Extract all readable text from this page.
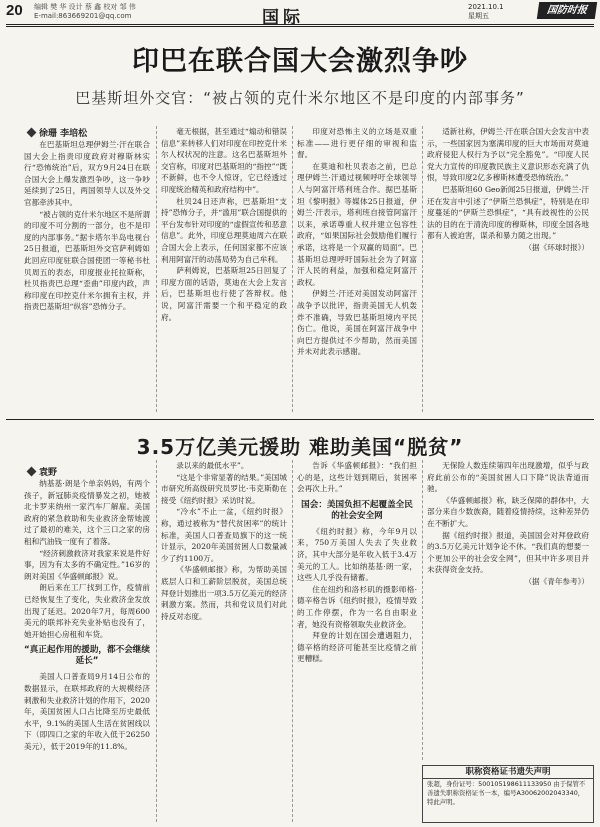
20 编辑 樊 华 设计 蔡 鑫 校对 邹 伟
E-mail:863669201@qq.com	国际
2021.10.1
星期五	国防时报
印巴在联合国大会激烈争吵
巴基斯坦外交官：“被占领的克什米尔地区不是印度的内部事务”
徐珊 李培松

在巴基斯坦总理伊姆兰·汗在联合国大会上指责印度政府对穆斯林实行“恐怖统治”后，双方9月24日在联合国大会上爆发激烈争吵，这一争吵延续到了25日，两国领导人以及外交官都牵涉其中。

“被占领的克什米尔地区不是所谓的印度不可分割的一部分，也不是印度的内部事务。”据卡塔尔半岛电视台25日报道，巴基斯坦外交官萨利姆如此回应印度驻联合国使团一等秘书杜贝周五的表态，印度报业托拉斯称，杜贝指责巴总理“歪曲”印度内政，声称印度在印控克什米尔拥有主权，并指责巴基斯坦“纵容”恐怖分子。

毫无根据，甚至通过“煽动和错误信息”来转移人们对印度在印控克什米尔人权状况的注意。这名巴基斯坦外交官称，印度对巴基斯坦的“指控”“既不新鲜，也不令人惊讶，它已经透过印度统治精英和政府结构中”。

杜贝24日还声称，巴基斯坦“支持”恐怖分子，并“滥用”联合国提供的平台发布针对印度的“虚假宣传和恶意信息”。此外，印度总理莫迪周六在联合国大会上表示，任何国家都不应该利用阿富汗的动荡局势为自己牟利。

萨利姆说，巴基斯坦25日回复了印度方面的话语，莫迪在大会上发言后，巴基斯坦也行使了答辩权。他说，阿富汗需要一个和平稳定的政府。

印度对恐怖主义的立场是双重标准——进行更仔细的审视和监督。

在莫迪和杜贝表态之前，巴总理伊姆兰·汗通过视频呼吁全球领导人与阿富汗塔利班合作。据巴基斯坦《黎明报》等媒体25日报道，伊姆兰·汗表示，塔利班自接管阿富汗以来，承诺尊重人权并建立包容性政府，“如果国际社会鼓励他们履行承诺，这将是一个双赢的局面”。巴基斯坦总理呼吁国际社会为了阿富汗人民的利益，加强和稳定阿富汗政权。

伊姆兰·汗还对美国发动阿富汗战争予以批评，指责美国无人机轰炸不准确，导致巴基斯坦境内平民伤亡。他说，美国在阿富汗战争中向巴方提供过不少帮助，然而美国并未对此表示感谢。

适新社称，伊姆兰·汗在联合国大会发言中表示，一些国家因为塞满印度的巨大市场而对莫迪政府侵犯人权行为予以“完全豁免”。“印度人民党大力宣传的印度教民族主义意识形态充满了仇恨，导致印度2亿多穆斯林遭受恐怖统治。”

巴基斯坦60 Geo新闻25日报道，伊姆兰·汗还在发言中引述了“伊斯兰恐惧症”，特别是在印度蔓延的“伊斯兰恐惧症”，“具有歧视性的公民法的目的在于清洗印度的穆斯林，印度全国各地都有人被迫害，谋杀和暴力随之出现。”

（据《环球时报》）

3.5万亿美元援助 难助美国“脱贫”
袁野

纳基基·朗是个单亲妈妈，有两个孩子，新冠肺炎疫情暴发之初，她被北卡罗来纳州一家汽车厂解雇。美国政府的紧急救助和失业救济金帮她渡过了最初的难关，这个三口之家的房租和汽油钱一度有了着落。

“经济刺激救济对我家来说是件好事，因为有太多的不确定性。”16岁的朗对美国《华盛顿邮报》说。

朗后来在工厂找到工作，疫情前已经恢复生了变化，失业救济金发放出现了延迟。2020年7月，每周600美元的联邦补充失业补贴也没有了，她开始担心房租和车贷。

“真正起作用的援助，都不会继续延长”

美国人口普查局9月14日公布的数据显示，在联邦政府的大规模经济刺激和失业救济计划的作用下，2020年，美国贫困人口占比降至历史最低水平，9.1%的美国人生活在贫困线以下（即四口之家的年收入低于26250美元），低于2019年的11.8%。

录以来的最低水平”。

“这是个非常显著的结果。”美国城市研究所高级研究员罗比·韦克斯勒在接受《纽约时报》采访时说。

“冷水”不止一盆，《纽约时报》称，通过被称为“替代贫困率”的统计标准，美国人口普查局旗下的这一统计显示，2020年美国贫困人口数量减少了约1100万。

《华盛顿邮报》称，为帮助美国底层人口和工薪阶层脱贫，美国总统拜登计划推出一项3.5万亿美元的经济刺激方案。然而，共和党议员们对此持反对态度。

告诉《华盛顿邮报》：“我们担心的是，这些计划到期后，贫困率会再次上升。”

国会：美国负担不起覆盖全民的社会安全网

《纽约时报》称，今年9月以来，750万美国人失去了失业救济，其中大部分是年收入低于3.4万美元的工人。比如纳基基·朗一家，这些人几乎没有储蓄。

住在纽约和洛杉矶的摄影师格·德辛格告诉《纽约时报》，疫情导致的工作停摆，作为一名自由职业者，她没有资格领取失业救济金。

拜登的计划在国会遭遇阻力，德辛格的经济可能甚至比疫情之前更糟糕。

无保险人数连续第四年出现激增，似乎与政府此前公布的“美国贫困人口下降”说法背道而驰。

《华盛顿邮报》称，缺乏保障的群体中，大部分来自少数族裔，随着疫情持续，这种差异仍在不断扩大。

据《纽约时报》报道，美国国会对拜登政府的3.5万亿美元计划争论不休。“我们真的想要一个更加公平的社会安全网”，但其中许多项目并未获得资金支持。

（据《青年参考》）

职称资格证书遗失声明
张超，身份证号：500105198611133950 由于保管不善遗失职称资格证书一本，编号A30062002043340，特此声明。
